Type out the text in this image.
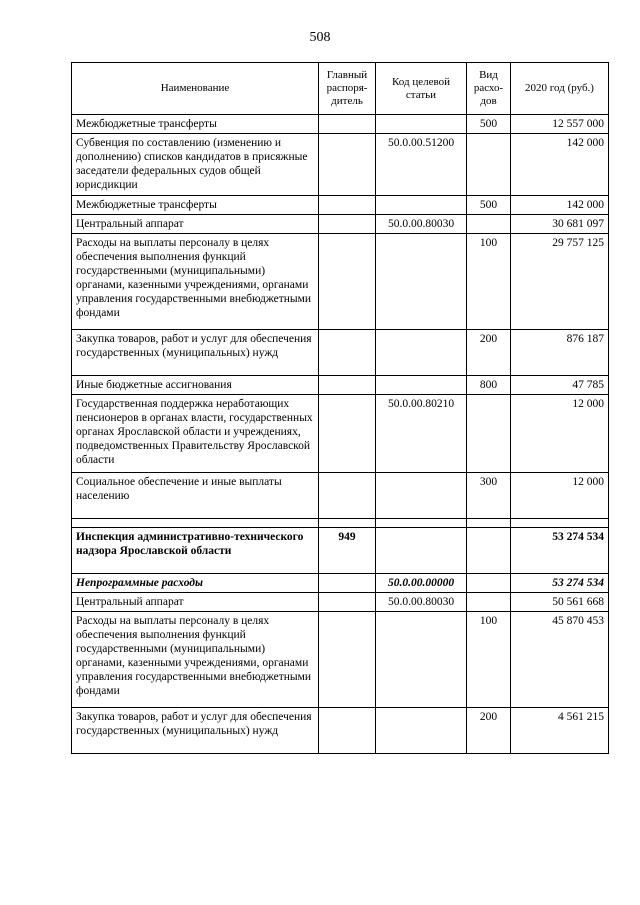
508
Наименование	Главный распоря-дитель	Код целевой статьи	Вид расхо-дов	2020 год (руб.)
Межбюджетные трансферты			500	12 557 000
Субвенция по составлению (изменению и дополнению) списков кандидатов в присяжные заседатели федеральных судов общей юрисдикции		50.0.00.51200		142 000
Межбюджетные трансферты			500	142 000
Центральный аппарат		50.0.00.80030		30 681 097
Расходы на выплаты персоналу в целях обеспечения выполнения функций государственными (муниципальными) органами, казенными учреждениями, органами управления государственными внебюджетными фондами			100	29 757 125
Закупка товаров, работ и услуг для обеспечения государственных (муниципальных) нужд			200	876 187
Иные бюджетные ассигнования			800	47 785
Государственная поддержка неработающих пенсионеров в органах власти, государственных органах Ярославской области и учреждениях, подведомственных Правительству Ярославской области		50.0.00.80210		12 000
Социальное обеспечение и иные выплаты населению			300	12 000

Инспекция административно-технического надзора Ярославской области	949			53 274 534
Непрограммные расходы		50.0.00.00000		53 274 534
Центральный аппарат		50.0.00.80030		50 561 668
Расходы на выплаты персоналу в целях обеспечения выполнения функций государственными (муниципальными) органами, казенными учреждениями, органами управления государственными внебюджетными фондами			100	45 870 453
Закупка товаров, работ и услуг для обеспечения государственных (муниципальных) нужд			200	4 561 215
